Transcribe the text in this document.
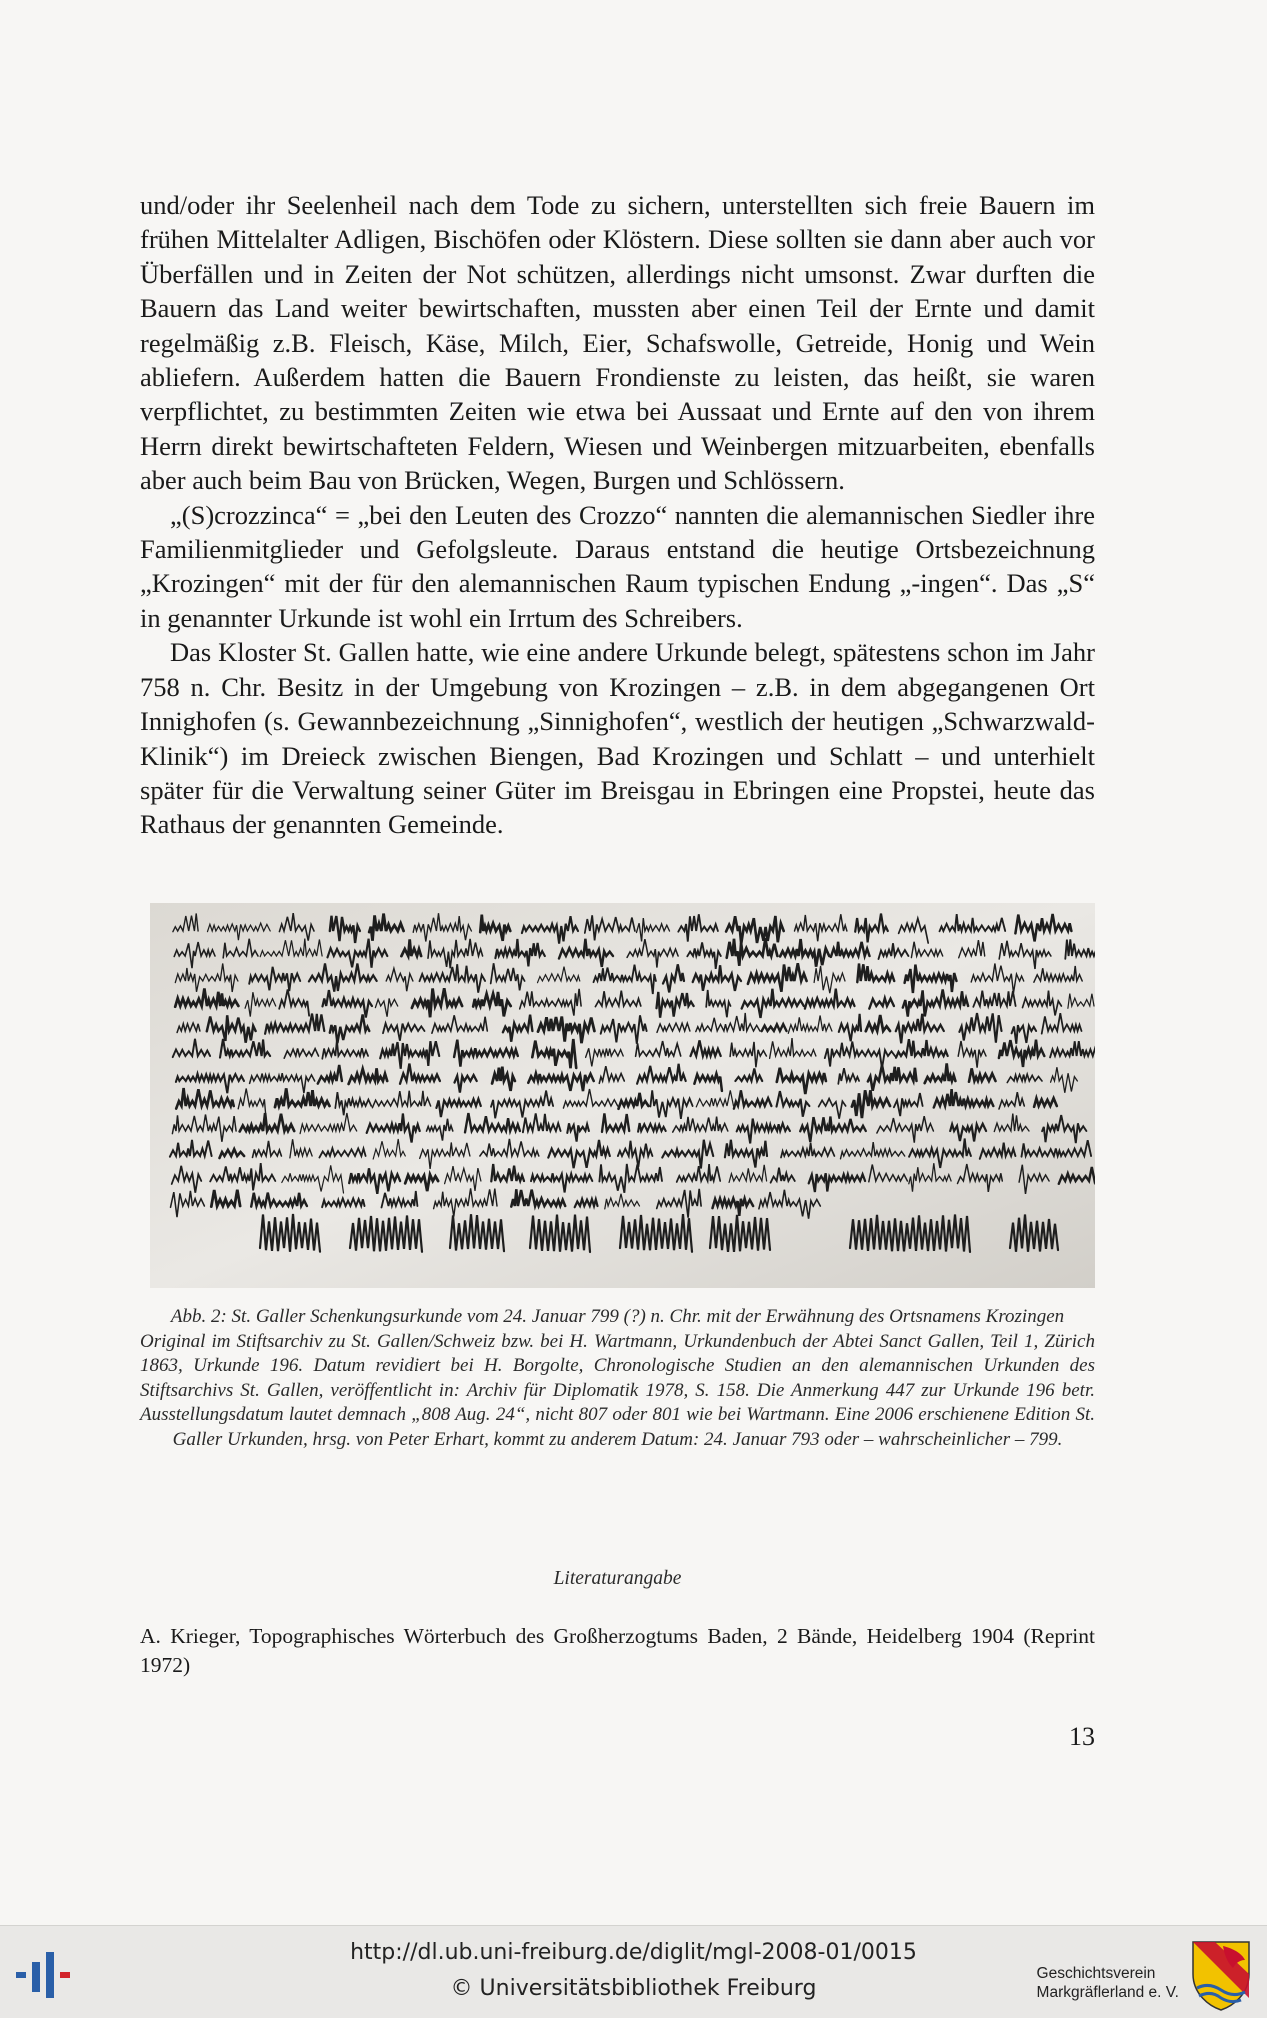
und/oder ihr Seelenheil nach dem Tode zu sichern, unterstellten sich freie Bauern im frühen Mittelalter Adligen, Bischöfen oder Klöstern. Diese sollten sie dann aber auch vor Überfällen und in Zeiten der Not schützen, allerdings nicht umsonst. Zwar durften die Bauern das Land weiter bewirtschaften, mussten aber einen Teil der Ernte und damit regelmäßig z.B. Fleisch, Käse, Milch, Eier, Schafswolle, Getreide, Honig und Wein abliefern. Außerdem hatten die Bauern Frondienste zu leisten, das heißt, sie waren verpflichtet, zu bestimmten Zeiten wie etwa bei Aussaat und Ernte auf den von ihrem Herrn direkt bewirtschafteten Feldern, Wiesen und Weinbergen mitzuarbeiten, ebenfalls aber auch beim Bau von Brücken, Wegen, Burgen und Schlössern.

„(S)crozzinca“ = „bei den Leuten des Crozzo“ nannten die alemannischen Siedler ihre Familienmitglieder und Gefolgsleute. Daraus entstand die heutige Ortsbezeichnung „Krozingen“ mit der für den alemannischen Raum typischen Endung „-ingen“. Das „S“ in genannter Urkunde ist wohl ein Irrtum des Schreibers.

Das Kloster St. Gallen hatte, wie eine andere Urkunde belegt, spätestens schon im Jahr 758 n. Chr. Besitz in der Umgebung von Krozingen – z.B. in dem abgegangenen Ort Innighofen (s. Gewannbezeichnung „Sinnighofen“, westlich der heutigen „Schwarzwald-Klinik“) im Dreieck zwischen Biengen, Bad Krozingen und Schlatt – und unterhielt später für die Verwaltung seiner Güter im Breisgau in Ebringen eine Propstei, heute das Rathaus der genannten Gemeinde.

Abb. 2: St. Galler Schenkungsurkunde vom 24. Januar 799 (?) n. Chr. mit der Erwähnung des Ortsnamens Krozingen

Original im Stiftsarchiv zu St. Gallen/Schweiz bzw. bei H. Wartmann, Urkundenbuch der Abtei Sanct Gallen, Teil 1, Zürich 1863, Urkunde 196. Datum revidiert bei H. Borgolte, Chronologische Studien an den alemannischen Urkunden des Stiftsarchivs St. Gallen, veröffentlicht in: Archiv für Diplomatik 1978, S. 158. Die Anmerkung 447 zur Urkunde 196 betr. Ausstellungsdatum lautet demnach „808 Aug. 24“, nicht 807 oder 801 wie bei Wartmann. Eine 2006 erschienene Edition St. Galler Urkunden, hrsg. von Peter Erhart, kommt zu anderem Datum: 24. Januar 793 oder – wahrscheinlicher – 799.

Literaturangabe
A. Krieger, Topographisches Wörterbuch des Großherzogtums Baden, 2 Bände, Heidelberg 1904 (Reprint 1972)
13
http://dl.ub.uni-freiburg.de/diglit/mgl-2008-01/0015
© Universitätsbibliothek Freiburg
Geschichtsverein
Markgräflerland e. V.
